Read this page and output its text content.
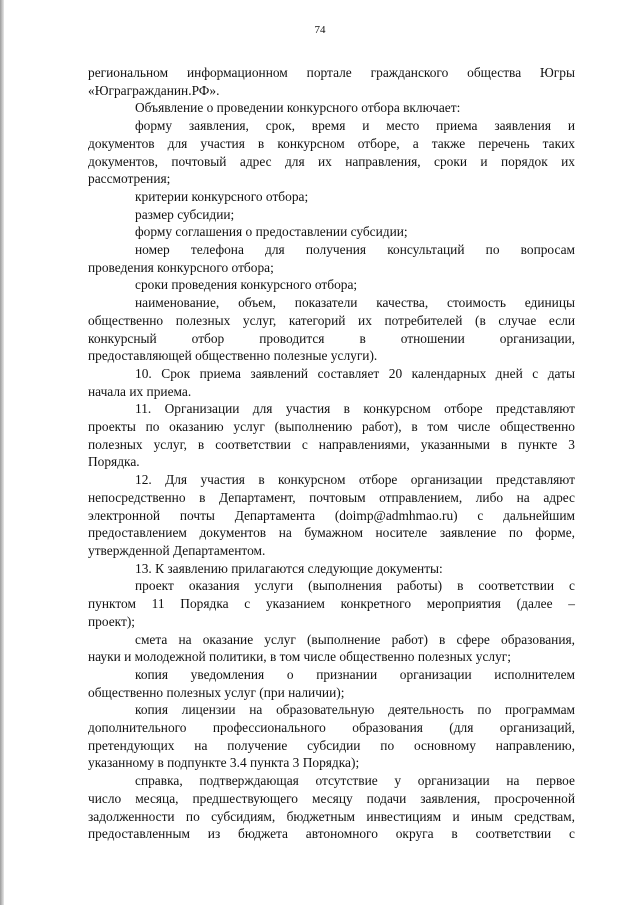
74

региональном информационном портале гражданского общества Югры

«Юграгражданин.РФ».

Объявление о проведении конкурсного отбора включает:

форму заявления, срок, время и место приема заявления и

документов для участия в конкурсном отборе, а также перечень таких

документов, почтовый адрес для их направления, сроки и порядок их

рассмотрения;

критерии конкурсного отбора;

размер субсидии;

форму соглашения о предоставлении субсидии;

номер телефона для получения консультаций по вопросам

проведения конкурсного отбора;

сроки проведения конкурсного отбора;

наименование, объем, показатели качества, стоимость единицы

общественно полезных услуг, категорий их потребителей (в случае если

конкурсный отбор проводится в отношении организации,

предоставляющей общественно полезные услуги).

10. Срок приема заявлений составляет 20 календарных дней с даты

начала их приема.

11. Организации для участия в конкурсном отборе представляют

проекты по оказанию услуг (выполнению работ), в том числе общественно

полезных услуг, в соответствии с направлениями, указанными в пункте 3

Порядка.

12. Для участия в конкурсном отборе организации представляют

непосредственно в Департамент, почтовым отправлением, либо на адрес

электронной почты Департамента (doimp@admhmao.ru) с дальнейшим

предоставлением документов на бумажном носителе заявление по форме,

утвержденной Департаментом.

13. К заявлению прилагаются следующие документы:

проект оказания услуги (выполнения работы) в соответствии с

пунктом 11 Порядка с указанием конкретного мероприятия (далее –

проект);

смета на оказание услуг (выполнение работ) в сфере образования,

науки и молодежной политики, в том числе общественно полезных услуг;

копия уведомления о признании организации исполнителем

общественно полезных услуг (при наличии);

копия лицензии на образовательную деятельность по программам

дополнительного профессионального образования (для организаций,

претендующих на получение субсидии по основному направлению,

указанному в подпункте 3.4 пункта 3 Порядка);

справка, подтверждающая отсутствие у организации на первое

число месяца, предшествующего месяцу подачи заявления, просроченной

задолженности по субсидиям, бюджетным инвестициям и иным средствам,

предоставленным из бюджета автономного округа в соответствии с
